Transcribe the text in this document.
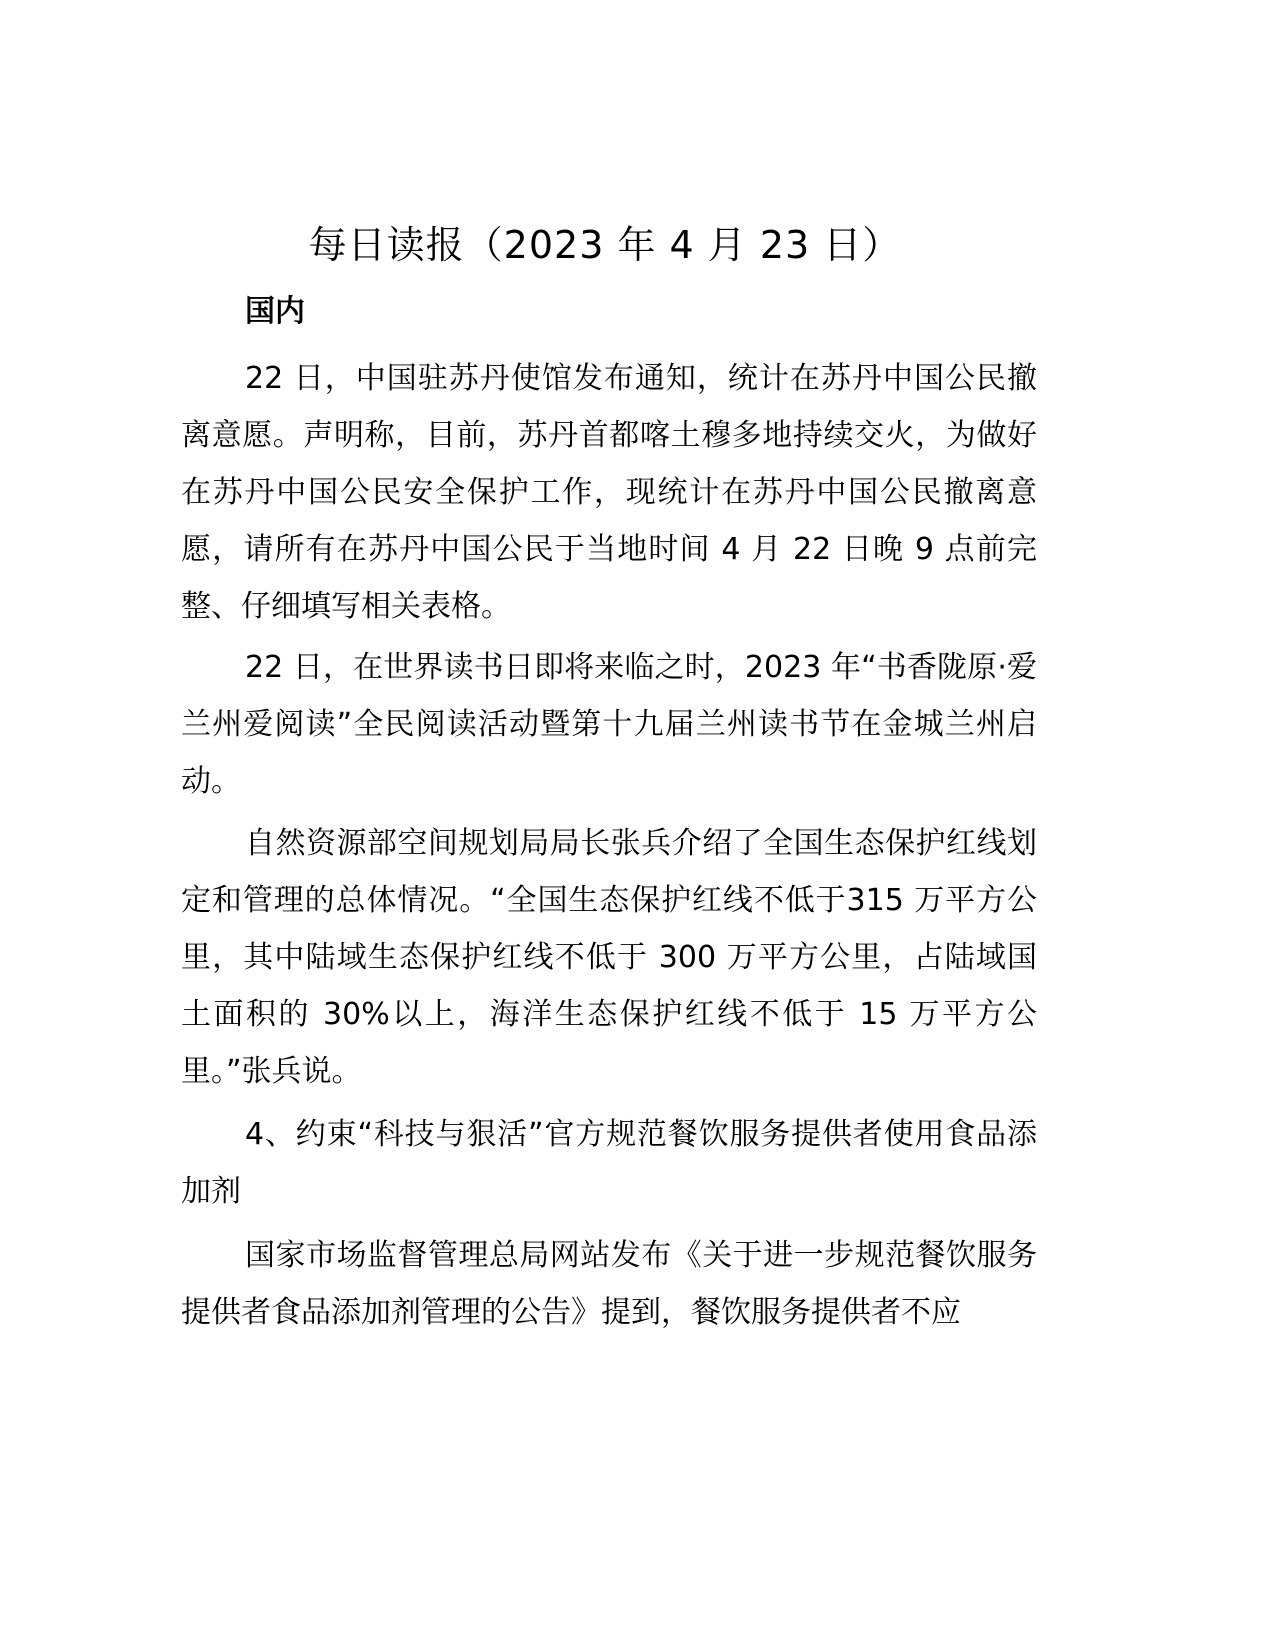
每日读报（2023 年 4 月 23 日）

国内

22 日，中国驻苏丹使馆发布通知，统计在苏丹中国公民撤离意愿。声明称，目前，苏丹首都喀土穆多地持续交火，为做好在苏丹中国公民安全保护工作，现统计在苏丹中国公民撤离意愿，请所有在苏丹中国公民于当地时间 4 月 22 日晚 9 点前完整、仔细填写相关表格。

22 日，在世界读书日即将来临之时，2023 年“书香陇原·爱兰州爱阅读”全民阅读活动暨第十九届兰州读书节在金城兰州启动。

自然资源部空间规划局局长张兵介绍了全国生态保护红线划定和管理的总体情况。“全国生态保护红线不低于315 万平方公里，其中陆域生态保护红线不低于 300 万平方公里，占陆域国土面积的 30%以上，海洋生态保护红线不低于 15 万平方公里。”张兵说。

4、约束“科技与狠活”官方规范餐饮服务提供者使用食品添加剂

国家市场监督管理总局网站发布《关于进一步规范餐饮服务提供者食品添加剂管理的公告》提到，餐饮服务提供者不应
